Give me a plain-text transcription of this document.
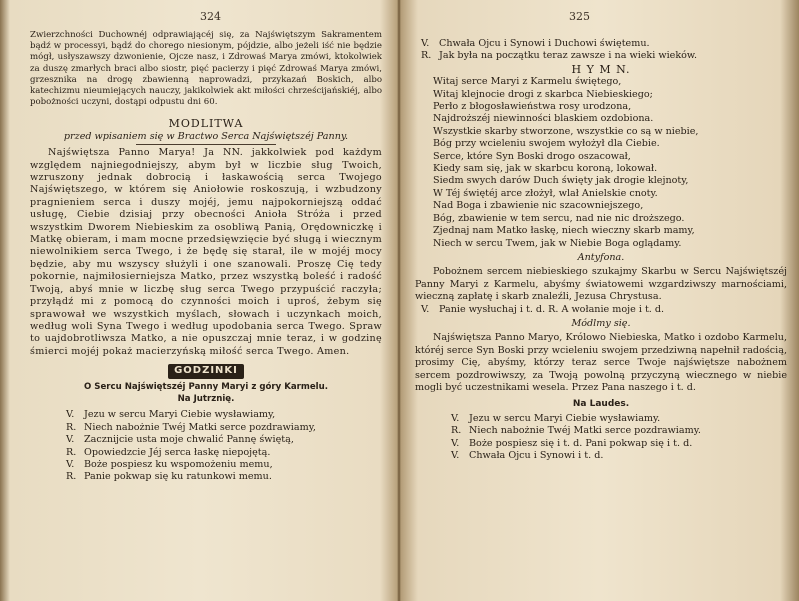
324

Zwierzchności Duchownéj odprawiającéj się, za Najświętszym Sakramentem bądź w processyi, bądź do chorego niesionym, pójdzie, albo jeżeli iść nie będzie mógł, usłyszawszy dzwonienie, Ojcze nasz, i Zdrowaś Marya zmówi, ktokolwiek za duszę zmarłych braci albo siostr, pięć pacierzy i pięć Zdrowaś Marya zmówi, grzesznika na drogę zbawienną naprowadzi, przykazań Boskich, albo katechizmu nieumiejących nauczy, jakikolwiek akt miłości chrześcijańskiéj, albo pobożności uczyni, dostąpi odpustu dni 60.

MODLITWA
przed wpisaniem się w Bractwo Serca Najświętszéj Panny.

Najświętsza Panno Marya! Ja NN. jakkolwiek pod każdym względem najniegodniejszy, abym był w liczbie sług Twoich, wzruszony jednak dobrocią i łaskawością serca Twojego Najświętszego, w którem się Aniołowie roskoszują, i wzbudzony pragnieniem serca i duszy mojéj, jemu najpokorniejszą oddać usługę, Ciebie dzisiaj przy obecności Anioła Stróża i przed wszystkim Dworem Niebieskim za osobliwą Panią, Orędowniczkę i Matkę obieram, i mam mocne przedsięwzięcie być sługą i wiecznym niewolnikiem serca Twego, i że będę się starał, ile w mojéj mocy będzie, aby mu wszyscy służyli i one szanowali. Proszę Cię tedy pokornie, najmiłosierniejsza Matko, przez wszystką boleść i radość Twoją, abyś mnie w liczbę sług serca Twego przypuścić raczyła; przyłądź mi z pomocą do czynności moich i uproś, żebym się sprawował we wszystkich myślach, słowach i uczynkach moich, według woli Syna Twego i według upodobania serca Twego. Spraw to uajdobrotliwsza Matko, a nie opuszczaj mnie teraz, i w godzinę śmierci mojéj pokaż macierzyńską miłość serca Twego. Amen.

GODZINKI
O Sercu Najświętszéj Panny Maryi z góry Karmelu.
Na Jutrznię.
V.	Jezu w sercu Maryi Ciebie wysławiamy,
R. Niech nabożnie Twéj Matki serce pozdrawiamy,
V.	Zacznijcie usta moje chwalić Pannę świętą,
R. Opowiedzcie Jéj serca łaskę niepojętą.
V.	Boże pospiesz ku wspomożeniu memu,
R. Panie pokwap się ku ratunkowi memu.
325
V.	Chwała Ojcu i Synowi i Duchowi świętemu.
R. Jak była na początku teraz zawsze i na wieki wieków.
H Y M N.
Witaj serce Maryi z Karmelu świętego,
Witaj klejnocie drogi z skarbca Niebieskiego;
Perło z błogosławieństwa rosy urodzona,
Najdroższéj niewinności blaskiem ozdobiona.
Wszystkie skarby stworzone, wszystkie co są w niebie,
Bóg przy wcieleniu swojem wyłożył dla Ciebie.
Serce, które Syn Boski drogo oszacował,
Kiedy sam się, jak w skarbcu koroną, lokował.
Siedm swych darów Duch święty jak drogie klejnoty,
W Téj świętéj arce złożył, wlał Anielskie cnoty.
Nad Boga i zbawienie nic szacowniejszego,
Bóg, zbawienie w tem sercu, nad nie nic droższego.
Zjednaj nam Matko łaskę, niech wieczny skarb mamy,
Niech w sercu Twem, jak w Niebie Boga oglądamy.
Antyfona.

Pobożnem sercem niebieskiego szukajmy Skarbu w Sercu Najświętszéj Panny Maryi z Karmelu, abyśmy światowemi wzgardziwszy marnościami, wieczną zapłatę i skarb znaleźli, Jezusa Chrystusa.

V.	Panie wysłuchaj i t. d. R. A wołanie moje i t. d.
Módlmy się.

Najświętsza Panno Maryo, Królowo Niebieska, Matko i ozdobo Karmelu, któréj serce Syn Boski przy wcieleniu swojem przedziwną napełnił radością, prosimy Cię, abyśmy, którzy teraz serce Twoje najświętsze nabożnem sercem pozdrowiwszy, za Twoją powolną przyczyną wiecznego w niebie mogli być uczestnikami wesela. Przez Pana naszego i t. d.

Na Laudes.
V.	Jezu w sercu Maryi Ciebie wysławiamy.
R. Niech nabożnie Twéj Matki serce pozdrawiamy.
V.	Boże pospiesz się i t. d. Pani pokwap się i t. d.
V.	Chwała Ojcu i Synowi i t. d.
